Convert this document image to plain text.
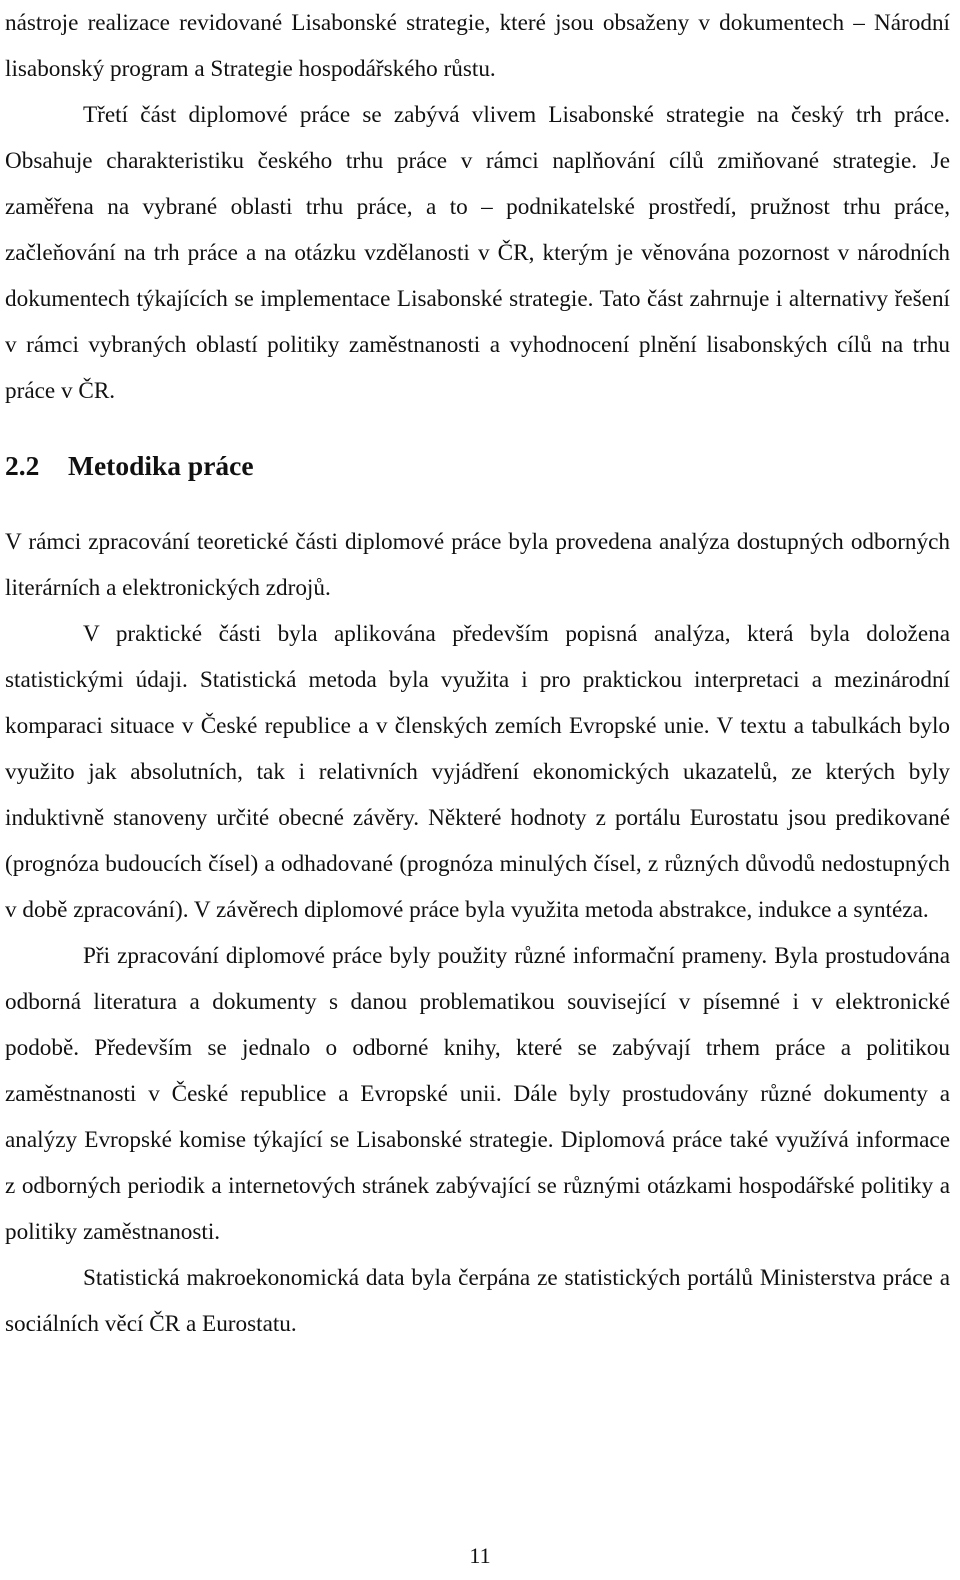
nástroje realizace revidované Lisabonské strategie, které jsou obsaženy v dokumentech – Národní lisabonský program a Strategie hospodářského růstu.

Třetí část diplomové práce se zabývá vlivem Lisabonské strategie na český trh práce. Obsahuje charakteristiku českého trhu práce v rámci naplňování cílů zmiňované strategie. Je zaměřena na vybrané oblasti trhu práce, a to – podnikatelské prostředí, pružnost trhu práce, začleňování na trh práce a na otázku vzdělanosti v ČR, kterým je věnována pozornost v národních dokumentech týkajících se implementace Lisabonské strategie. Tato část zahrnuje i alternativy řešení v rámci vybraných oblastí politiky zaměstnanosti a vyhodnocení plnění lisabonských cílů na trhu práce v ČR.

2.2 Metodika práce

V rámci zpracování teoretické části diplomové práce byla provedena analýza dostupných odborných literárních a elektronických zdrojů.

V praktické části byla aplikována především popisná analýza, která byla doložena statistickými údaji. Statistická metoda byla využita i pro praktickou interpretaci a mezinárodní komparaci situace v České republice a v členských zemích Evropské unie. V textu a tabulkách bylo využito jak absolutních, tak i relativních vyjádření ekonomických ukazatelů, ze kterých byly induktivně stanoveny určité obecné závěry. Některé hodnoty z portálu Eurostatu jsou predikované (prognóza budoucích čísel) a odhadované (prognóza minulých čísel, z různých důvodů nedostupných v době zpracování). V závěrech diplomové práce byla využita metoda abstrakce, indukce a syntéza.

Při zpracování diplomové práce byly použity různé informační prameny. Byla prostudována odborná literatura a dokumenty s danou problematikou související v písemné i v elektronické podobě. Především se jednalo o odborné knihy, které se zabývají trhem práce a politikou zaměstnanosti v České republice a Evropské unii. Dále byly prostudovány různé dokumenty a analýzy Evropské komise týkající se Lisabonské strategie. Diplomová práce také využívá informace z odborných periodik a internetových stránek zabývající se různými otázkami hospodářské politiky a politiky zaměstnanosti.

Statistická makroekonomická data byla čerpána ze statistických portálů Ministerstva práce a sociálních věcí ČR a Eurostatu.

11
